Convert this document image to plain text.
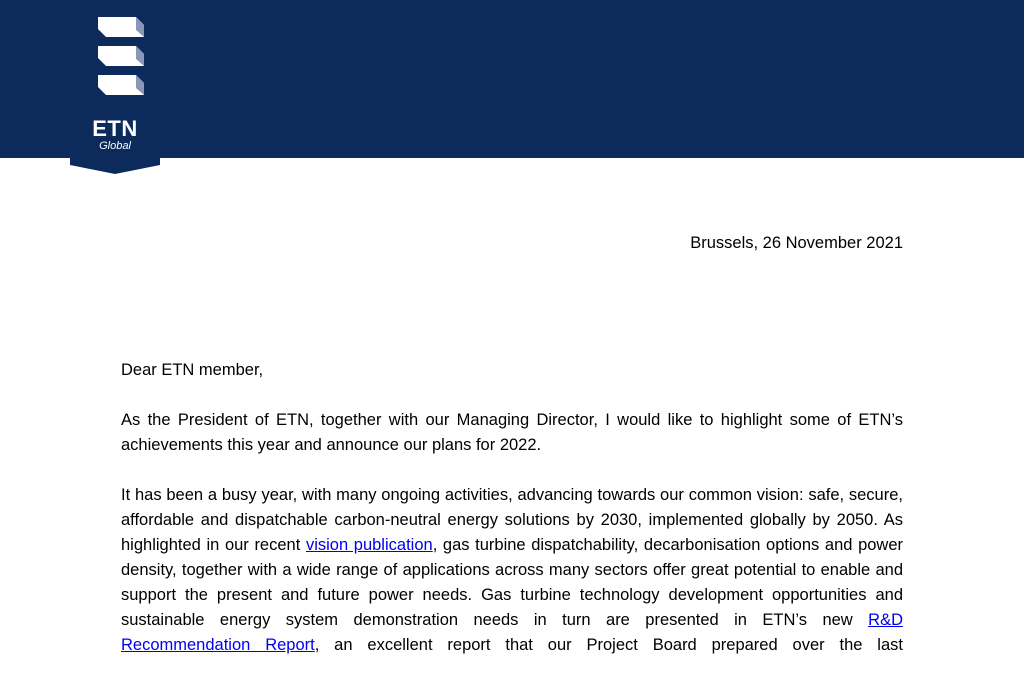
ETN
Global
Brussels, 26 November 2021

Dear ETN member,

As the President of ETN, together with our Managing Director, I would like to highlight some of ETN’s achievements this year and announce our plans for 2022.

It has been a busy year, with many ongoing activities, advancing towards our common vision: safe, secure, affordable and dispatchable carbon-neutral energy solutions by 2030, implemented globally by 2050. As highlighted in our recent vision publication, gas turbine dispatchability, decarbonisation options and power density, together with a wide range of applications across many sectors offer great potential to enable and support the present and future power needs. Gas turbine technology development opportunities and sustainable energy system demonstration needs in turn are presented in ETN’s new R&D Recommendation Report, an excellent report that our Project Board prepared over the last
